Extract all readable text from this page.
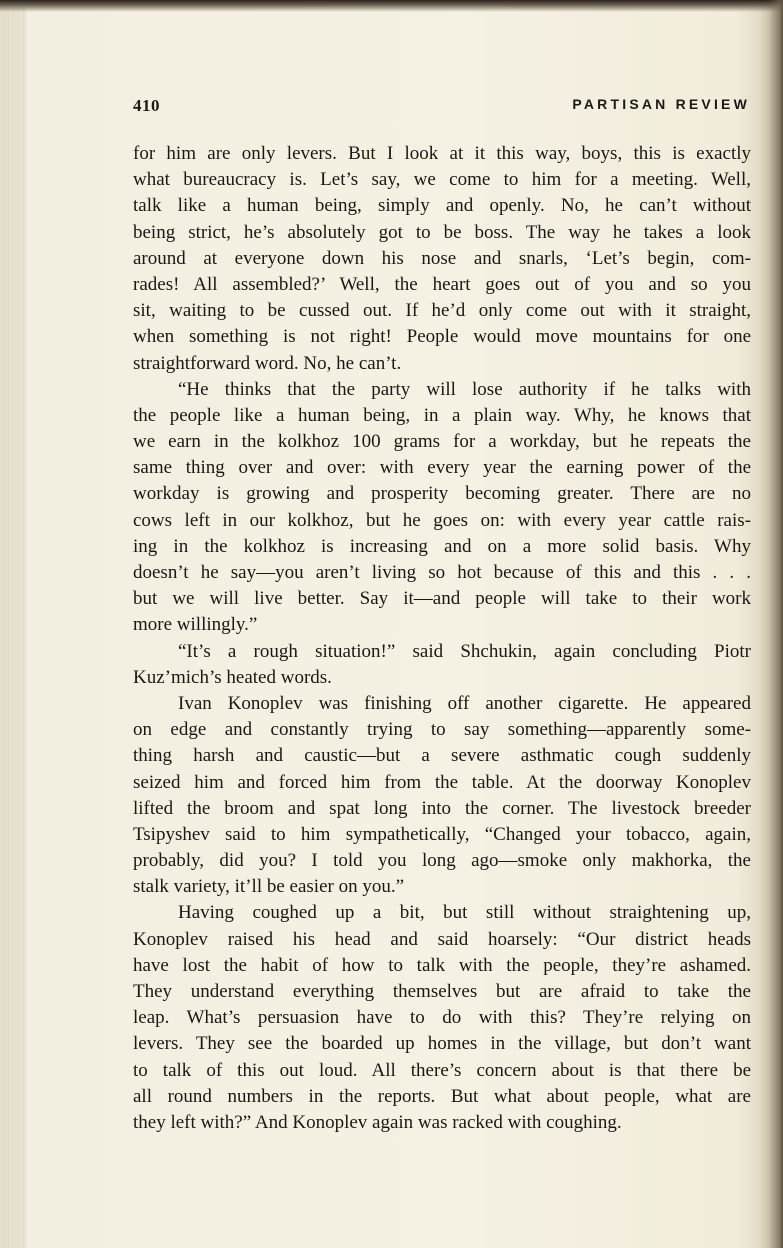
410	PARTISAN REVIEW
for him are only levers. But I look at it this way, boys, this is exactly
what bureaucracy is. Let’s say, we come to him for a meeting. Well,
talk like a human being, simply and openly. No, he can’t without
being strict, he’s absolutely got to be boss. The way he takes a look
around at everyone down his nose and snarls, ‘Let’s begin, com-
rades! All assembled?’ Well, the heart goes out of you and so you
sit, waiting to be cussed out. If he’d only come out with it straight,
when something is not right! People would move mountains for one
straightforward word. No, he can’t.
“He thinks that the party will lose authority if he talks with
the people like a human being, in a plain way. Why, he knows that
we earn in the kolkhoz 100 grams for a workday, but he repeats the
same thing over and over: with every year the earning power of the
workday is growing and prosperity becoming greater. There are no
cows left in our kolkhoz, but he goes on: with every year cattle rais-
ing in the kolkhoz is increasing and on a more solid basis. Why
doesn’t he say—you aren’t living so hot because of this and this . . .
but we will live better. Say it—and people will take to their work
more willingly.”
“It’s a rough situation!” said Shchukin, again concluding Piotr
Kuz’mich’s heated words.
Ivan Konoplev was finishing off another cigarette. He appeared
on edge and constantly trying to say something—apparently some-
thing harsh and caustic—but a severe asthmatic cough suddenly
seized him and forced him from the table. At the doorway Konoplev
lifted the broom and spat long into the corner. The livestock breeder
Tsipyshev said to him sympathetically, “Changed your tobacco, again,
probably, did you? I told you long ago—smoke only makhorka, the
stalk variety, it’ll be easier on you.”
Having coughed up a bit, but still without straightening up,
Konoplev raised his head and said hoarsely: “Our district heads
have lost the habit of how to talk with the people, they’re ashamed.
They understand everything themselves but are afraid to take the
leap. What’s persuasion have to do with this? They’re relying on
levers. They see the boarded up homes in the village, but don’t want
to talk of this out loud. All there’s concern about is that there be
all round numbers in the reports. But what about people, what are
they left with?” And Konoplev again was racked with coughing.
